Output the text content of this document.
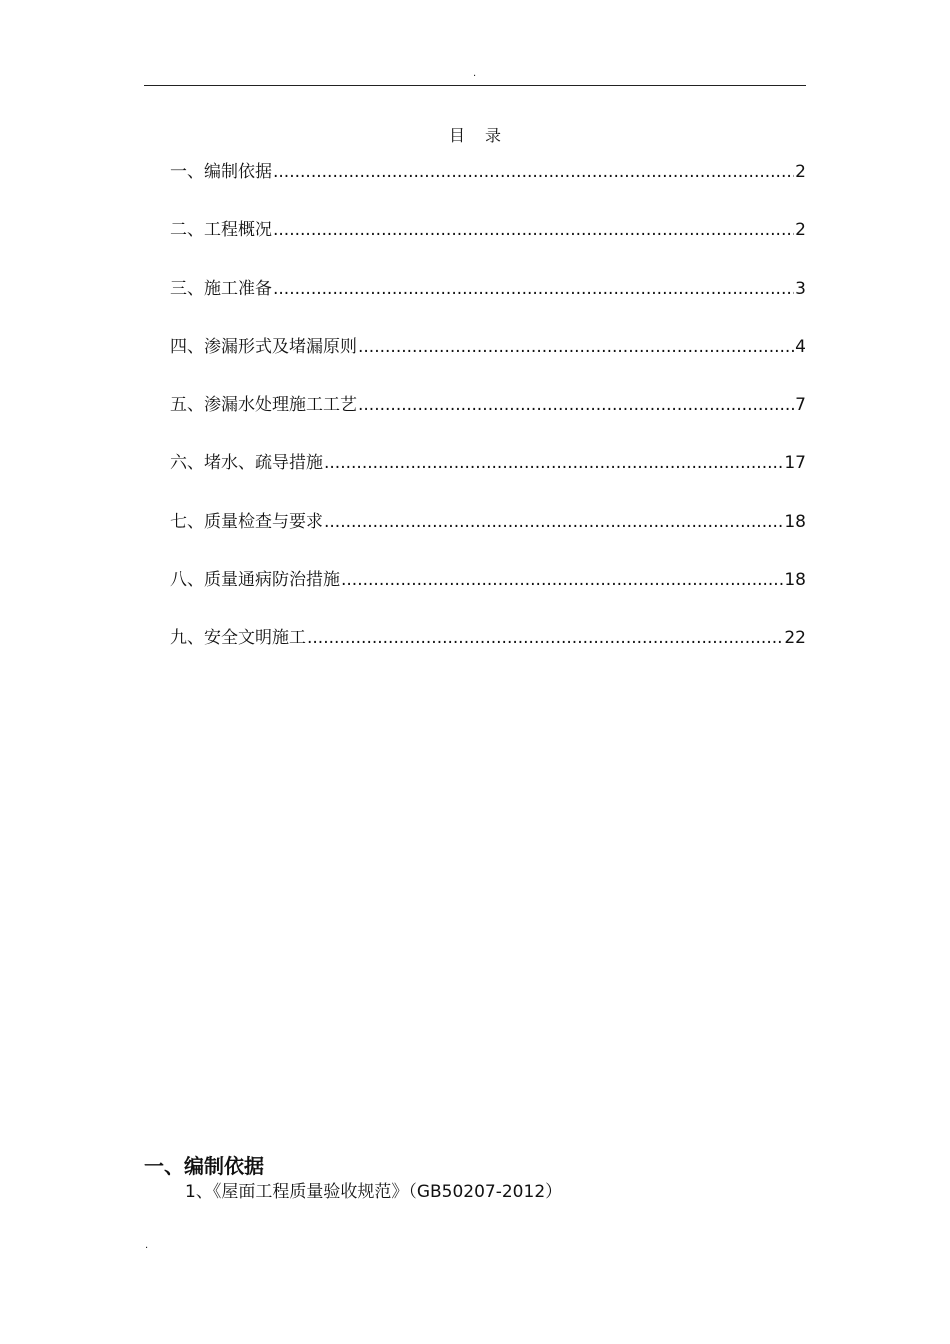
.
目录
一、编制依据 .....	2
二、工程概况 .....	2
三、施工准备 .....	3
四、渗漏形式及堵漏原则 .....	4
五、渗漏水处理施工工艺 .....	7
六、堵水、疏导措施 .....	17
七、质量检查与要求 .....	18
八、质量通病防治措施 .....	18
九、安全文明施工 .....	22
一、编制依据
1、《屋面工程质量验收规范》（GB50207-2012）
.
